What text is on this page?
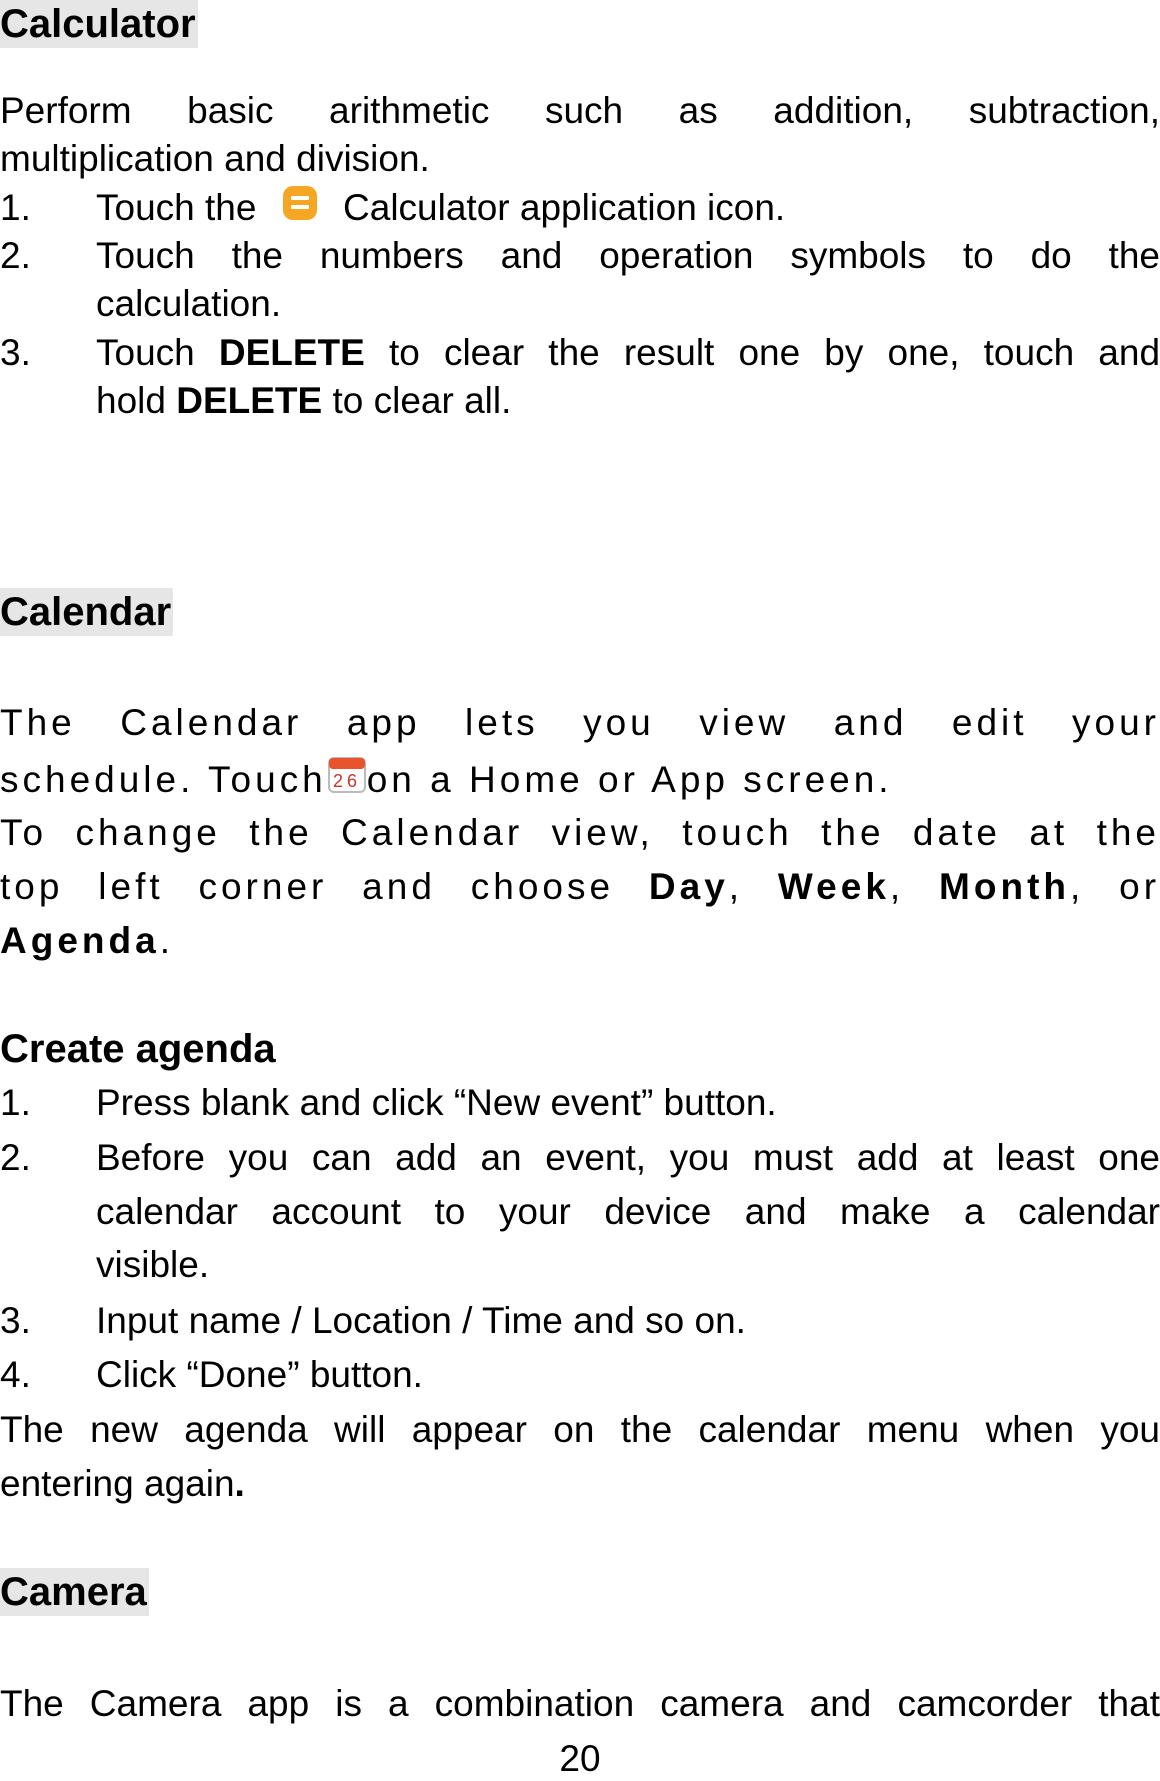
Calculator
Perform basic arithmetic such as addition, subtraction,
multiplication and division.
1. Touch the Calculator application icon.
2. Touch the numbers and operation symbols to do the
calculation.
3. Touch DELETE to clear the result one by one, touch and
hold DELETE to clear all.
Calendar
The Calendar app lets you view and edit your
schedule. Touch 26 on a Home or App screen.
To change the Calendar view, touch the date at the
top left corner and choose Day, Week, Month, or
Agenda.
Create agenda
1. Press blank and click “New event” button.
2. Before you can add an event, you must add at least one
calendar account to your device and make a calendar
visible.
3. Input name / Location / Time and so on.
4. Click “Done” button.
The new agenda will appear on the calendar menu when you
entering again.
Camera
The Camera app is a combination camera and camcorder that
20
